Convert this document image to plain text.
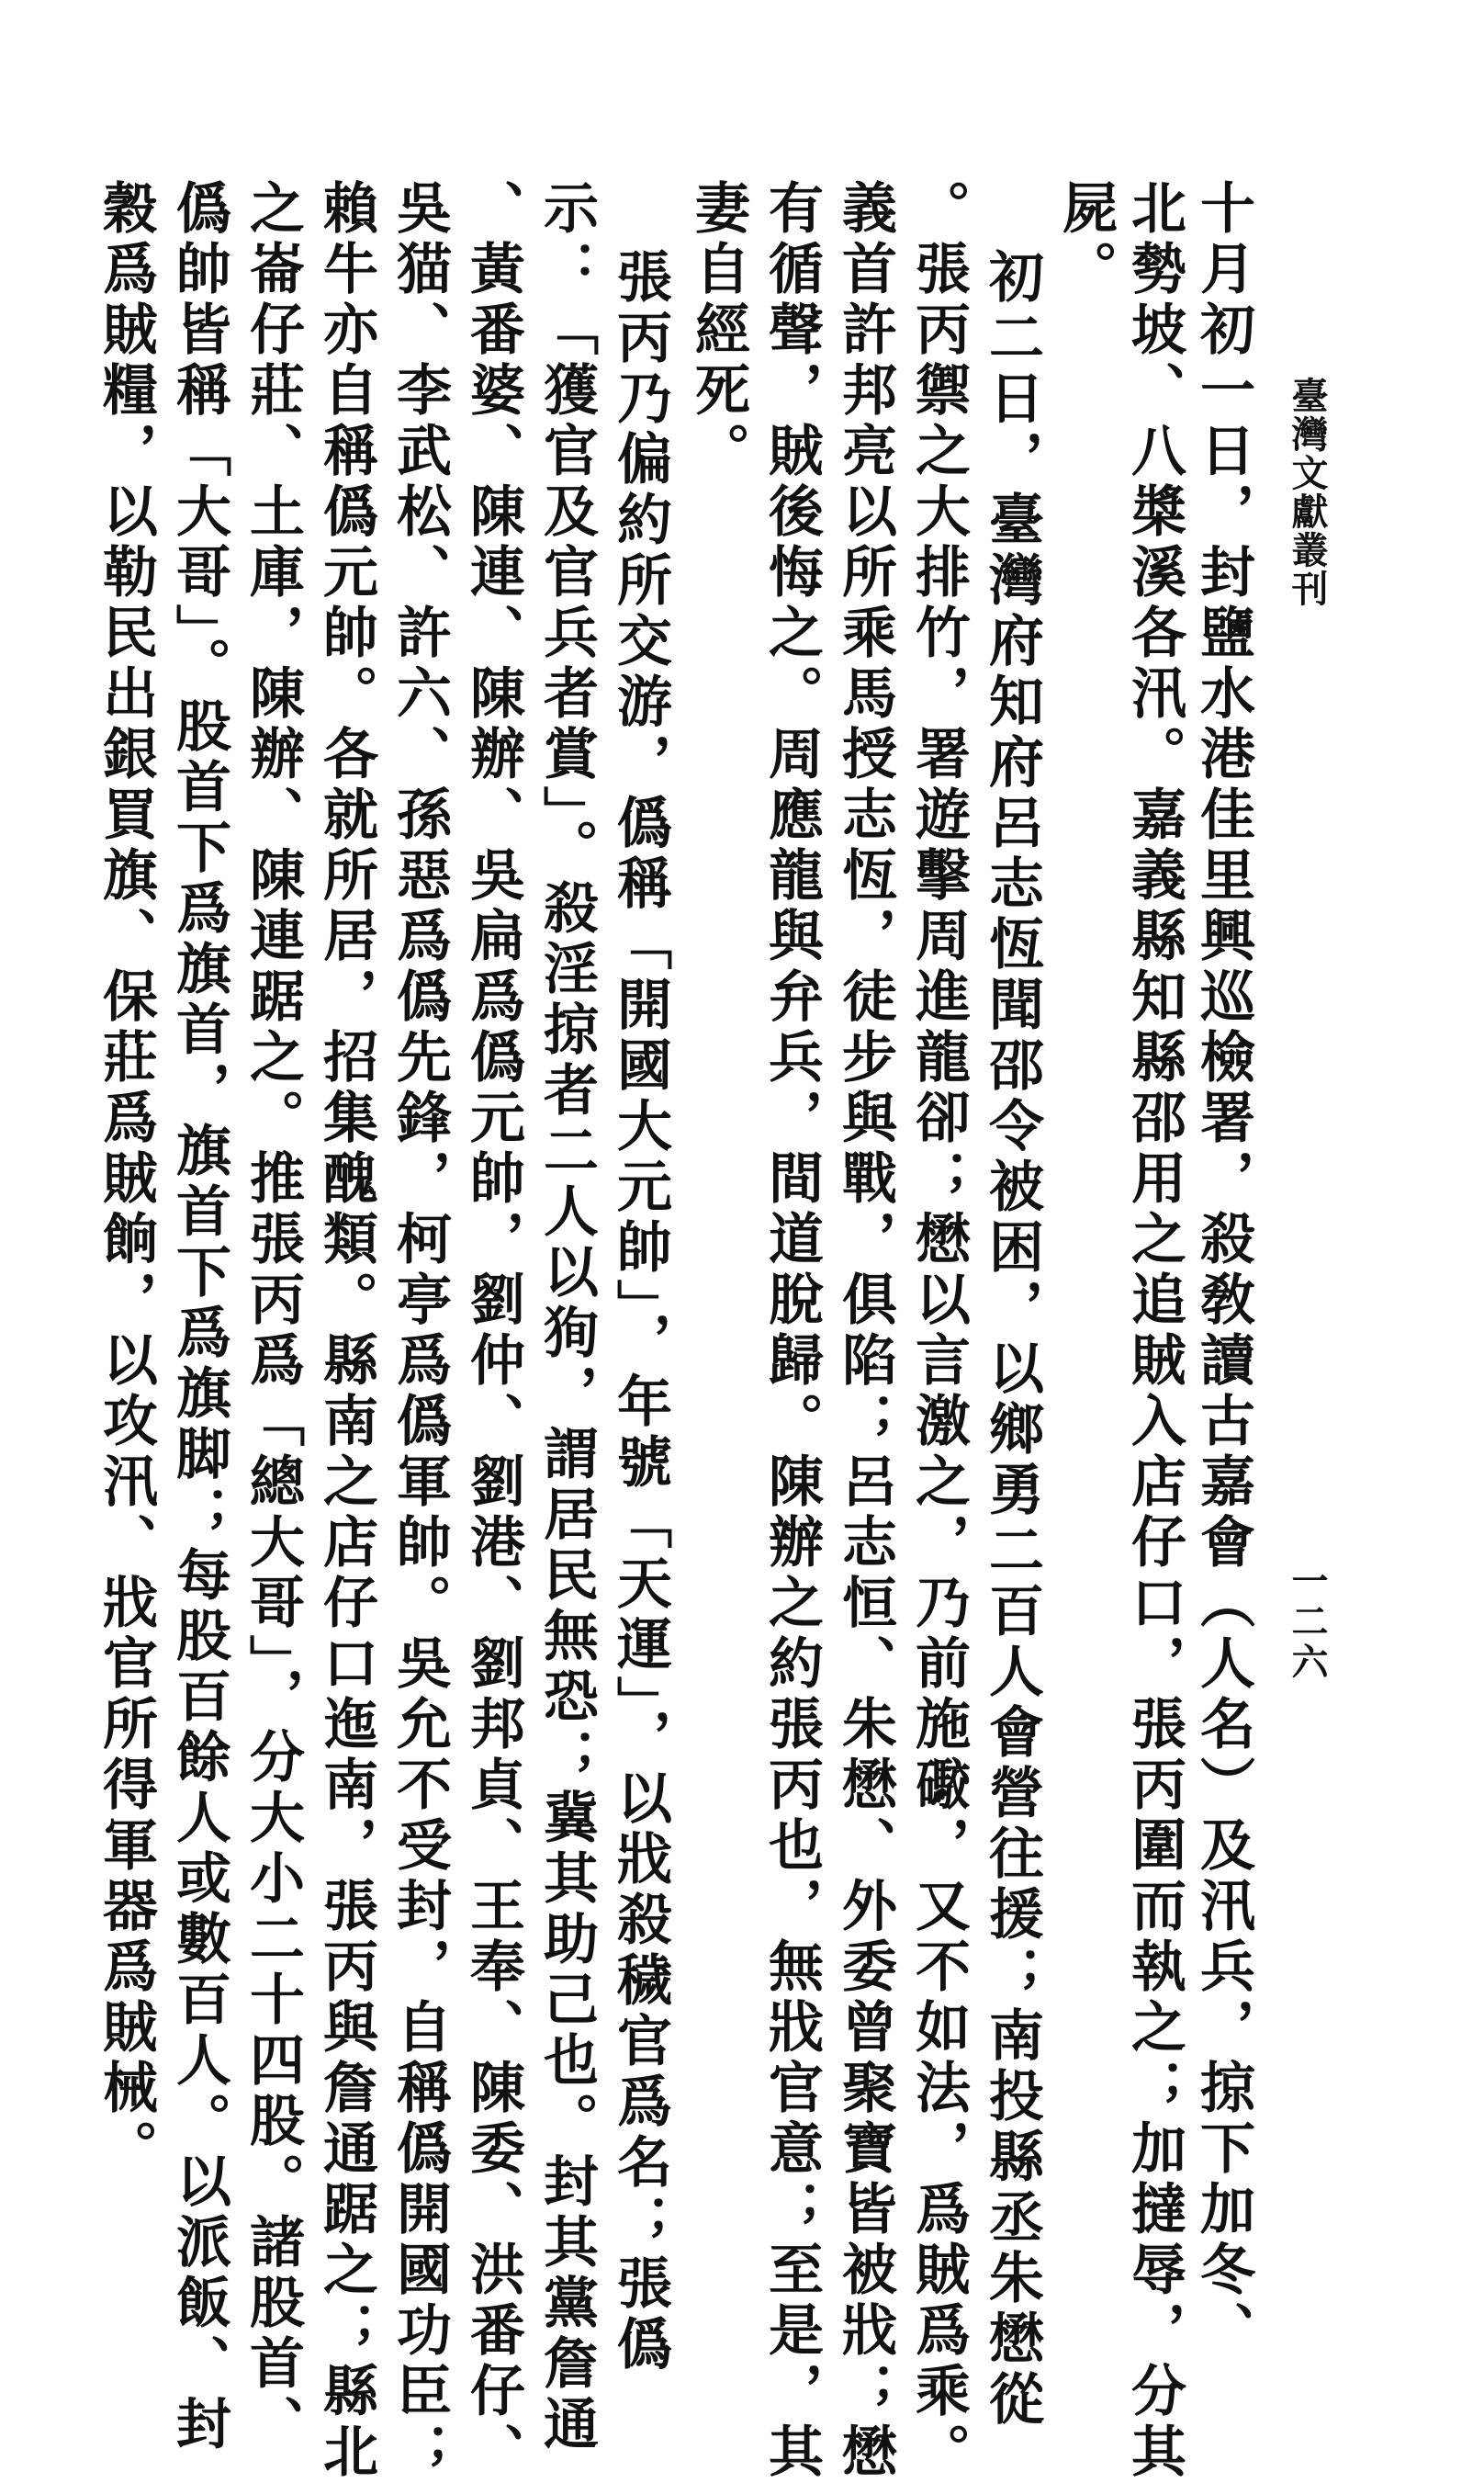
臺灣文獻叢刊
一二六
十月初一日，封鹽水港佳里興巡檢署，殺敎讀古嘉會（人名）及汛兵，掠下加冬、
北勢坡、八槳溪各汛。嘉義縣知縣邵用之追賊入店仔口，張丙圍而執之；加撻辱，分其
屍。
初二日，臺灣府知府呂志恆聞邵令被困，以鄉勇二百人會營往援；南投縣丞朱懋從
。張丙禦之大排竹，署遊擊周進龍卻；懋以言激之，乃前施礮，又不如法，爲賊爲乘。
義首許邦亮以所乘馬授志恆，徒步與戰，俱陷；呂志恒、朱懋、外委曾聚寶皆被戕；懋
有循聲，賊後悔之。周應龍與弁兵，間道脫歸。陳辦之約張丙也，無戕官意；至是，其
妻自經死。
張丙乃偏約所交游，僞稱「開國大元帥」，年號「天運」，以戕殺穢官爲名；張僞
示：「獲官及官兵者賞」。殺淫掠者二人以狥，謂居民無恐；冀其助己也。封其黨詹通
、黃番婆、陳連、陳辦、吳扁爲僞元帥，劉仲、劉港、劉邦貞、王奉、陳委、洪番仔、
吳猫、李武松、許六、孫惡爲僞先鋒，柯亭爲僞軍帥。吳允不受封，自稱僞開國功臣；
賴牛亦自稱僞元帥。各就所居，招集醜類。縣南之店仔口迤南，張丙與詹通踞之；縣北
之崙仔莊、土庫，陳辦、陳連踞之。推張丙爲「總大哥」，分大小二十四股。諸股首、
僞帥皆稱「大哥」。股首下爲旗首，旗首下爲旗脚；每股百餘人或數百人。以派飯、封
穀爲賊糧，以勒民出銀買旗、保莊爲賊餉，以攻汛、戕官所得軍器爲賊械。
